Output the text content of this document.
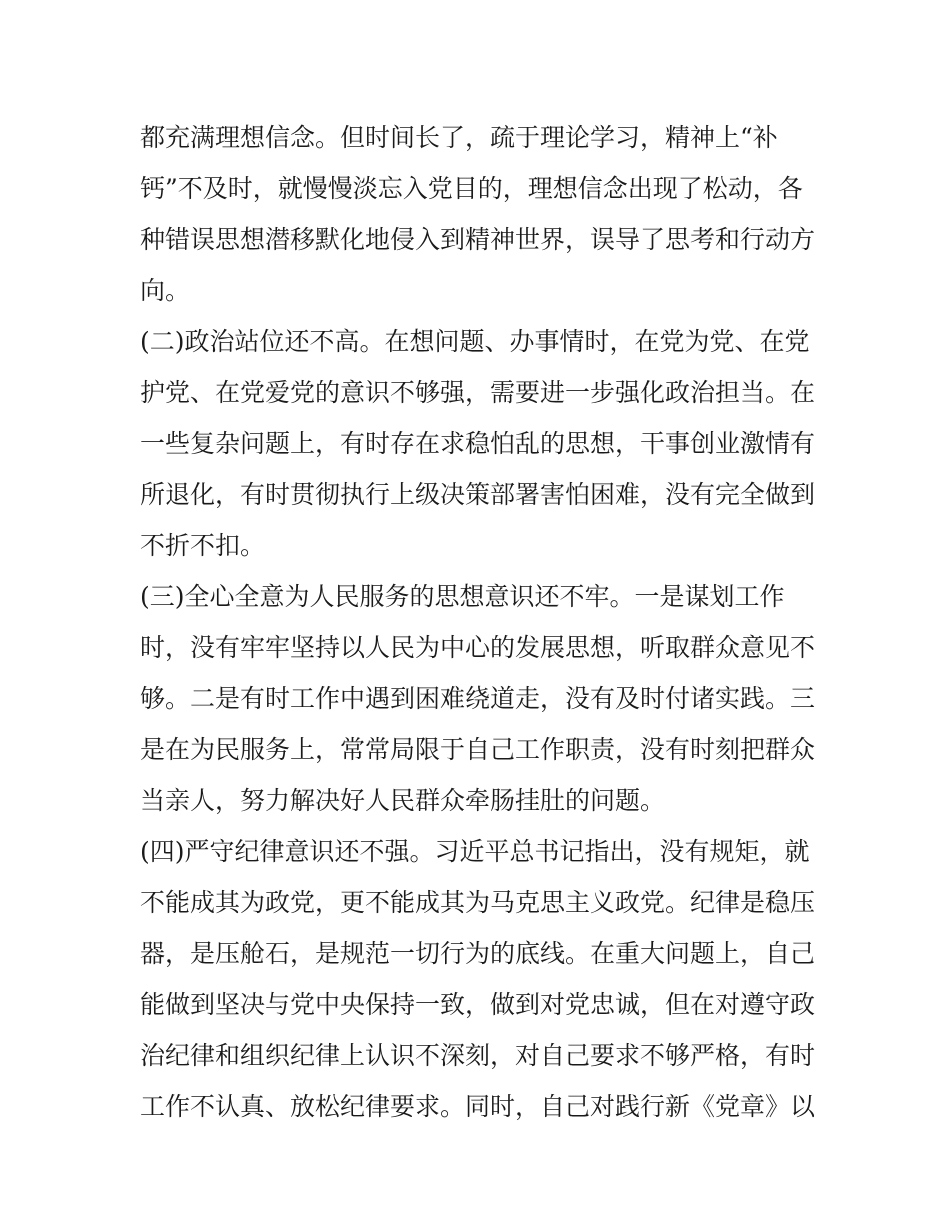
都充满理想信念。但时间长了，疏于理论学习，精神上“补
钙”不及时，就慢慢淡忘入党目的，理想信念出现了松动，各
种错误思想潜移默化地侵入到精神世界，误导了思考和行动方
向。
(二)政治站位还不高。在想问题、办事情时，在党为党、在党
护党、在党爱党的意识不够强，需要进一步强化政治担当。在
一些复杂问题上，有时存在求稳怕乱的思想，干事创业激情有
所退化，有时贯彻执行上级决策部署害怕困难，没有完全做到
不折不扣。
(三)全心全意为人民服务的思想意识还不牢。一是谋划工作
时，没有牢牢坚持以人民为中心的发展思想，听取群众意见不
够。二是有时工作中遇到困难绕道走，没有及时付诸实践。三
是在为民服务上，常常局限于自己工作职责，没有时刻把群众
当亲人，努力解决好人民群众牵肠挂肚的问题。
(四)严守纪律意识还不强。习近平总书记指出，没有规矩，就
不能成其为政党，更不能成其为马克思主义政党。纪律是稳压
器，是压舱石，是规范一切行为的底线。在重大问题上，自己
能做到坚决与党中央保持一致，做到对党忠诚，但在对遵守政
治纪律和组织纪律上认识不深刻，对自己要求不够严格，有时
工作不认真、放松纪律要求。同时，自己对践行新《党章》以
